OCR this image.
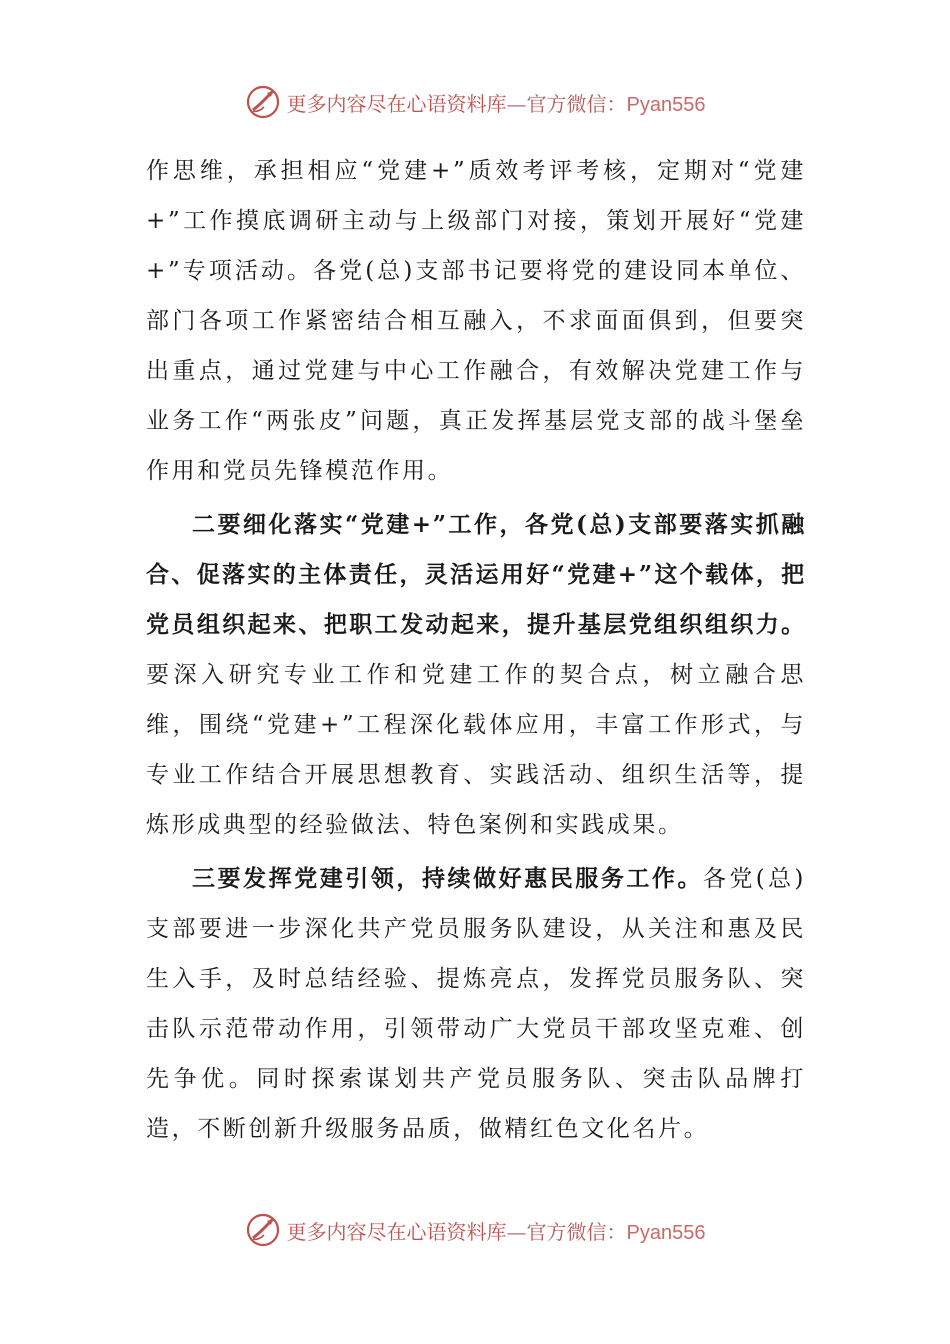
更多内容尽在心语资料库—官方微信：Pyan556

作思维，承担相应“党建+”质效考评考核，定期对“党建+”工作摸底调研主动与上级部门对接，策划开展好“党建+”专项活动。各党(总)支部书记要将党的建设同本单位、部门各项工作紧密结合相互融入，不求面面俱到，但要突出重点，通过党建与中心工作融合，有效解决党建工作与业务工作“两张皮”问题，真正发挥基层党支部的战斗堡垒作用和党员先锋模范作用。

二要细化落实“党建+”工作，各党(总)支部要落实抓融合、促落实的主体责任，灵活运用好“党建+”这个载体，把党员组织起来、把职工发动起来，提升基层党组织组织力。要深入研究专业工作和党建工作的契合点，树立融合思维，围绕“党建+”工程深化载体应用，丰富工作形式，与专业工作结合开展思想教育、实践活动、组织生活等，提炼形成典型的经验做法、特色案例和实践成果。

三要发挥党建引领，持续做好惠民服务工作。各党(总)支部要进一步深化共产党员服务队建设，从关注和惠及民生入手，及时总结经验、提炼亮点，发挥党员服务队、突击队示范带动作用，引领带动广大党员干部攻坚克难、创先争优。同时探索谋划共产党员服务队、突击队品牌打造，不断创新升级服务品质，做精红色文化名片。

更多内容尽在心语资料库—官方微信：Pyan556
